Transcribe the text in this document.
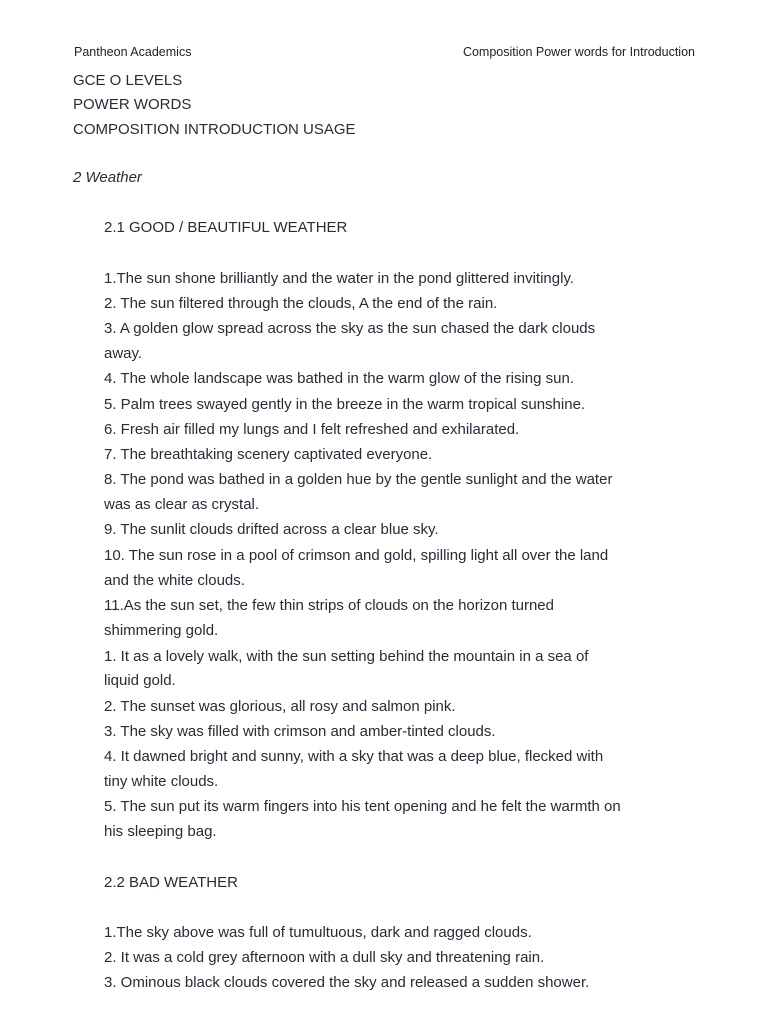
Pantheon Academics	Composition Power words for Introduction
GCE O LEVELS
POWER WORDS
COMPOSITION INTRODUCTION USAGE
2 Weather
2.1 GOOD / BEAUTIFUL WEATHER
1.The sun shone brilliantly and the water in the pond glittered invitingly.
2. The sun filtered through the clouds, A the end of the rain.
3. A golden glow spread across the sky as the sun chased the dark clouds
away.
4. The whole landscape was bathed in the warm glow of the rising sun.
5. Palm trees swayed gently in the breeze in the warm tropical sunshine.
6. Fresh air filled my lungs and I felt refreshed and exhilarated.
7. The breathtaking scenery captivated everyone.
8. The pond was bathed in a golden hue by the gentle sunlight and the water
was as clear as crystal.
9. The sunlit clouds drifted across a clear blue sky.
10. The sun rose in a pool of crimson and gold, spilling light all over the land
and the white clouds.
11.As the sun set, the few thin strips of clouds on the horizon turned
shimmering gold.
1. It as a lovely walk, with the sun setting behind the mountain in a sea of
liquid gold.
2. The sunset was glorious, all rosy and salmon pink.
3. The sky was filled with crimson and amber-tinted clouds.
4. It dawned bright and sunny, with a sky that was a deep blue, flecked with
tiny white clouds.
5. The sun put its warm fingers into his tent opening and he felt the warmth on
his sleeping bag.
2.2 BAD WEATHER
1.The sky above was full of tumultuous, dark and ragged clouds.
2. It was a cold grey afternoon with a dull sky and threatening rain.
3. Ominous black clouds covered the sky and released a sudden shower.
